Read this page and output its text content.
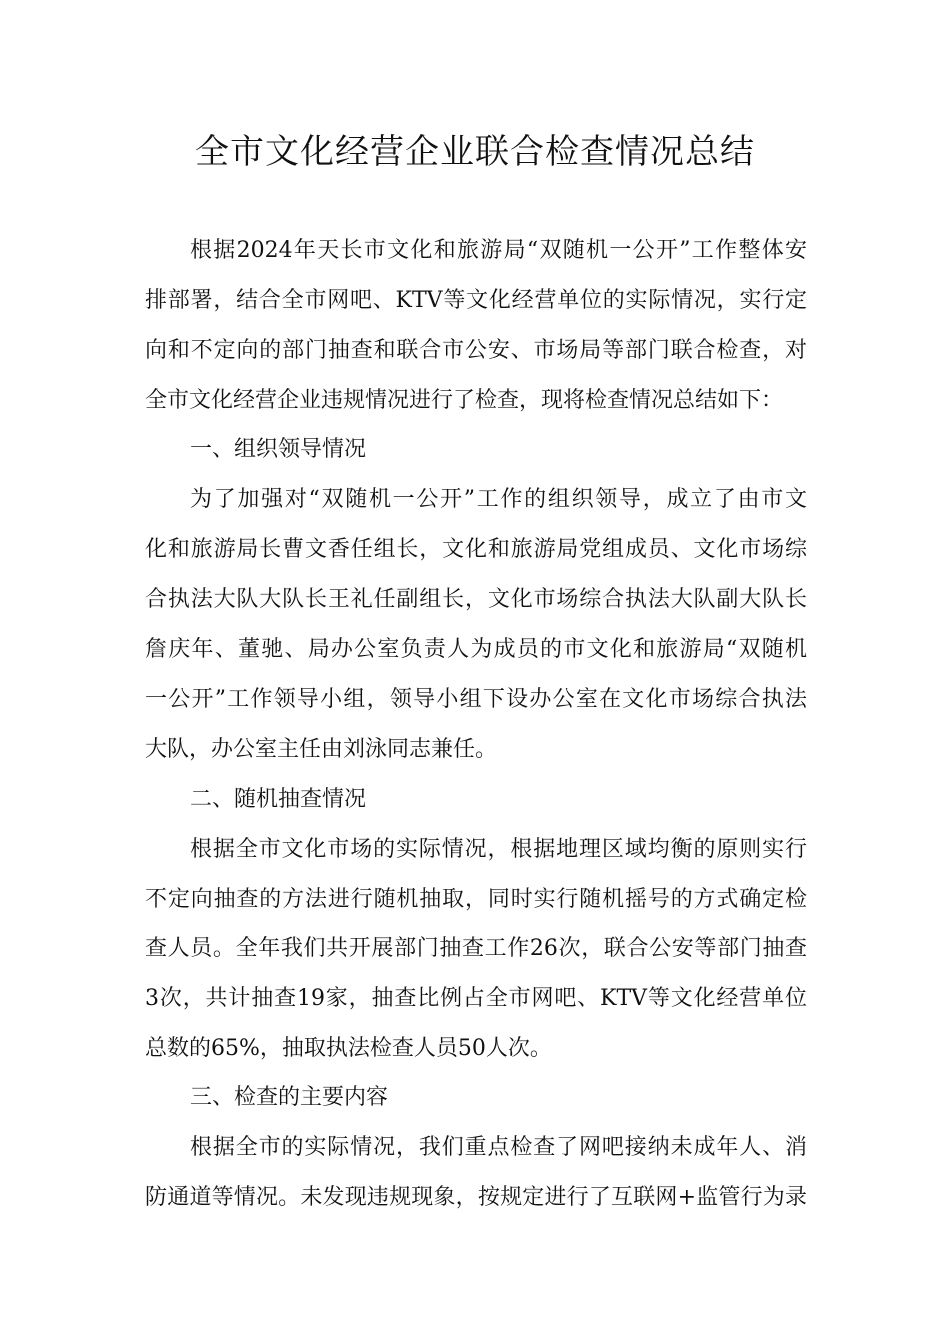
全市文化经营企业联合检查情况总结
根据2024年天长市文化和旅游局“双随机一公开”工作整体安
排部署，结合全市网吧、KTV等文化经营单位的实际情况，实行定
向和不定向的部门抽查和联合市公安、市场局等部门联合检查，对
全市文化经营企业违规情况进行了检查，现将检查情况总结如下：
一、组织领导情况
为了加强对“双随机一公开”工作的组织领导，成立了由市文
化和旅游局长曹文香任组长，文化和旅游局党组成员、文化市场综
合执法大队大队长王礼任副组长，文化市场综合执法大队副大队长
詹庆年、董驰、局办公室负责人为成员的市文化和旅游局“双随机
一公开”工作领导小组，领导小组下设办公室在文化市场综合执法
大队，办公室主任由刘泳同志兼任。
二、随机抽查情况
根据全市文化市场的实际情况，根据地理区域均衡的原则实行
不定向抽查的方法进行随机抽取，同时实行随机摇号的方式确定检
查人员。全年我们共开展部门抽查工作26次，联合公安等部门抽查
3次，共计抽查19家，抽查比例占全市网吧、KTV等文化经营单位
总数的65%，抽取执法检查人员50人次。
三、检查的主要内容
根据全市的实际情况，我们重点检查了网吧接纳未成年人、消
防通道等情况。未发现违规现象，按规定进行了互联网+监管行为录
